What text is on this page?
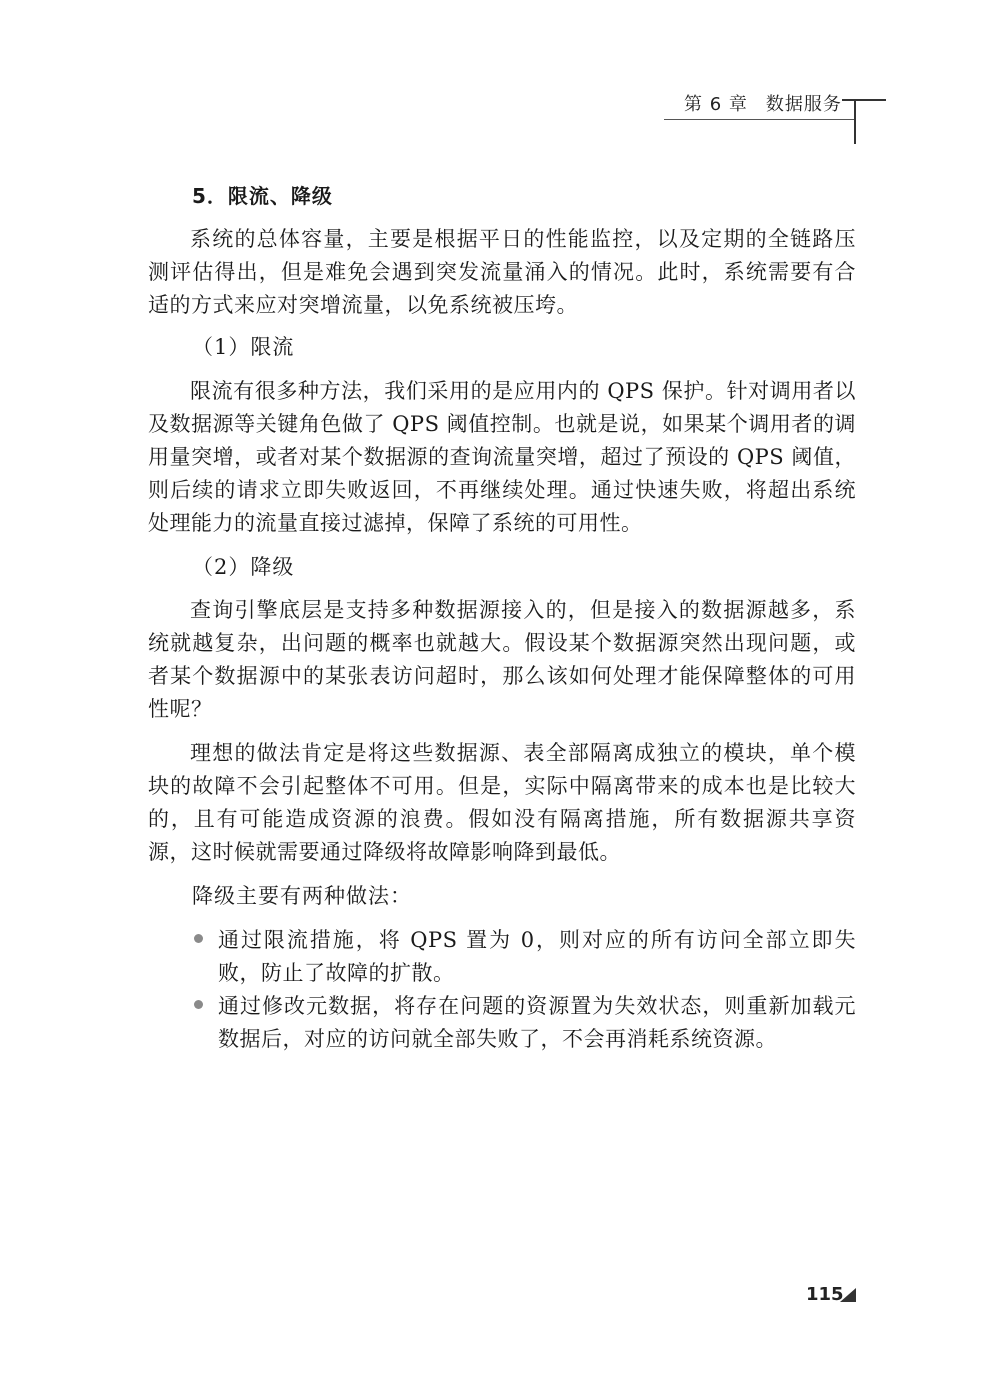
第 6 章 数据服务
5．限流、降级
系统的总体容量，主要是根据平日的性能监控，以及定期的全链路压测评估得出，但是难免会遇到突发流量涌入的情况。此时，系统需要有合适的方式来应对突增流量，以免系统被压垮。
（1）限流
限流有很多种方法，我们采用的是应用内的 QPS 保护。针对调用者以及数据源等关键角色做了 QPS 阈值控制。也就是说，如果某个调用者的调用量突增，或者对某个数据源的查询流量突增，超过了预设的 QPS 阈值，则后续的请求立即失败返回，不再继续处理。通过快速失败，将超出系统处理能力的流量直接过滤掉，保障了系统的可用性。
（2）降级
查询引擎底层是支持多种数据源接入的，但是接入的数据源越多，系统就越复杂，出问题的概率也就越大。假设某个数据源突然出现问题，或者某个数据源中的某张表访问超时，那么该如何处理才能保障整体的可用性呢？
理想的做法肯定是将这些数据源、表全部隔离成独立的模块，单个模块的故障不会引起整体不可用。但是，实际中隔离带来的成本也是比较大的，且有可能造成资源的浪费。假如没有隔离措施，所有数据源共享资源，这时候就需要通过降级将故障影响降到最低。
降级主要有两种做法：
通过限流措施，将 QPS 置为 0，则对应的所有访问全部立即失败，防止了故障的扩散。
通过修改元数据，将存在问题的资源置为失效状态，则重新加载元数据后，对应的访问就全部失败了，不会再消耗系统资源。
115
